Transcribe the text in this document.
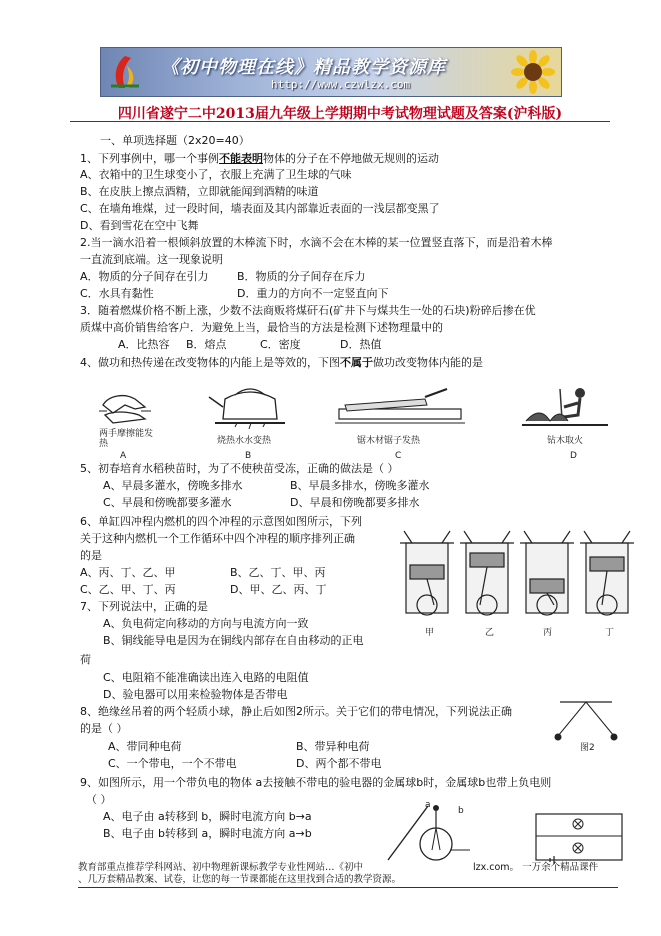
《初中物理在线》精品教学资源库
http://www.czwlzx.com
四川省遂宁二中2013届九年级上学期期中考试物理试题及答案(沪科版)
一、单项选择题（2x20=40）
1、下列事例中，哪一个事例不能表明物体的分子在不停地做无规则的运动
A、衣箱中的卫生球变小了，衣服上充满了卫生球的气味
B、在皮肤上擦点酒精，立即就能闻到酒精的味道
C、在墙角堆煤，过一段时间，墙表面及其内部靠近表面的一浅层都变黑了
D、看到雪花在空中飞舞
2.当一滴水沿着一根倾斜放置的木棒流下时，水滴不会在木棒的某一位置竖直落下，而是沿着木棒
一直流到底端。这一现象说明
A．物质的分子间存在引力	B．物质的分子间存在斥力
C．水具有黏性	D．重力的方向不一定竖直向下
3．随着燃煤价格不断上涨，少数不法商贩将煤矸石(矿井下与煤共生一处的石块)粉碎后掺在优
质煤中高价销售给客户．为避免上当，最恰当的方法是检测下述物理量中的
A．比热容 B．熔点	C．密度	D．热值
4、做功和热传递在改变物体的内能上是等效的，下图不属于做功改变物体内能的是
两手摩擦能发热
A
烧热水水变热
B
锯木材锯子发热
C
钻木取火
D
5、初春培育水稻秧苗时，为了不使秧苗受冻，正确的做法是（ ）
A、早晨多灌水，傍晚多排水	B、早晨多排水，傍晚多灌水
C、早晨和傍晚都要多灌水	D、早晨和傍晚都要多排水
6、单缸四冲程内燃机的四个冲程的示意图如图所示，下列
关于这种内燃机一个工作循环中四个冲程的顺序排列正确
的是
A、丙、丁、乙、甲	B、乙、丁、甲、丙
C、乙、甲、丁、丙	D、甲、乙、丙、丁
甲	乙	丙	丁
7、下列说法中，正确的是
A、负电荷定向移动的方向与电流方向一致
B、铜线能导电是因为在铜线内部存在自由移动的正电
荷
C、电阻箱不能准确读出连入电路的电阻值
D、验电器可以用来检验物体是否带电
8、绝缘丝吊着的两个轻质小球，静止后如图2所示。关于它们的带电情况，下列说法正确
的是（ ）
A、带同种电荷	B、带异种电荷
C、一个带电，一个不带电	D、两个都不带电
图2
9、如图所示，用一个带负电的物体 a去接触不带电的验电器的金属球b时，金属球b也带上负电则
（ ）
A、电子由 a转移到 b，瞬时电流方向 b→a
B、电子由 b转移到 a，瞬时电流方向 a→b
a
b
教育部重点推荐学科网站、初中物理新课标教学专业性网站…《初中	lzx.com。 一万余个精品课件
、几万套精品教案、试卷，让您的每一节课都能在这里找到合适的教学资源。
